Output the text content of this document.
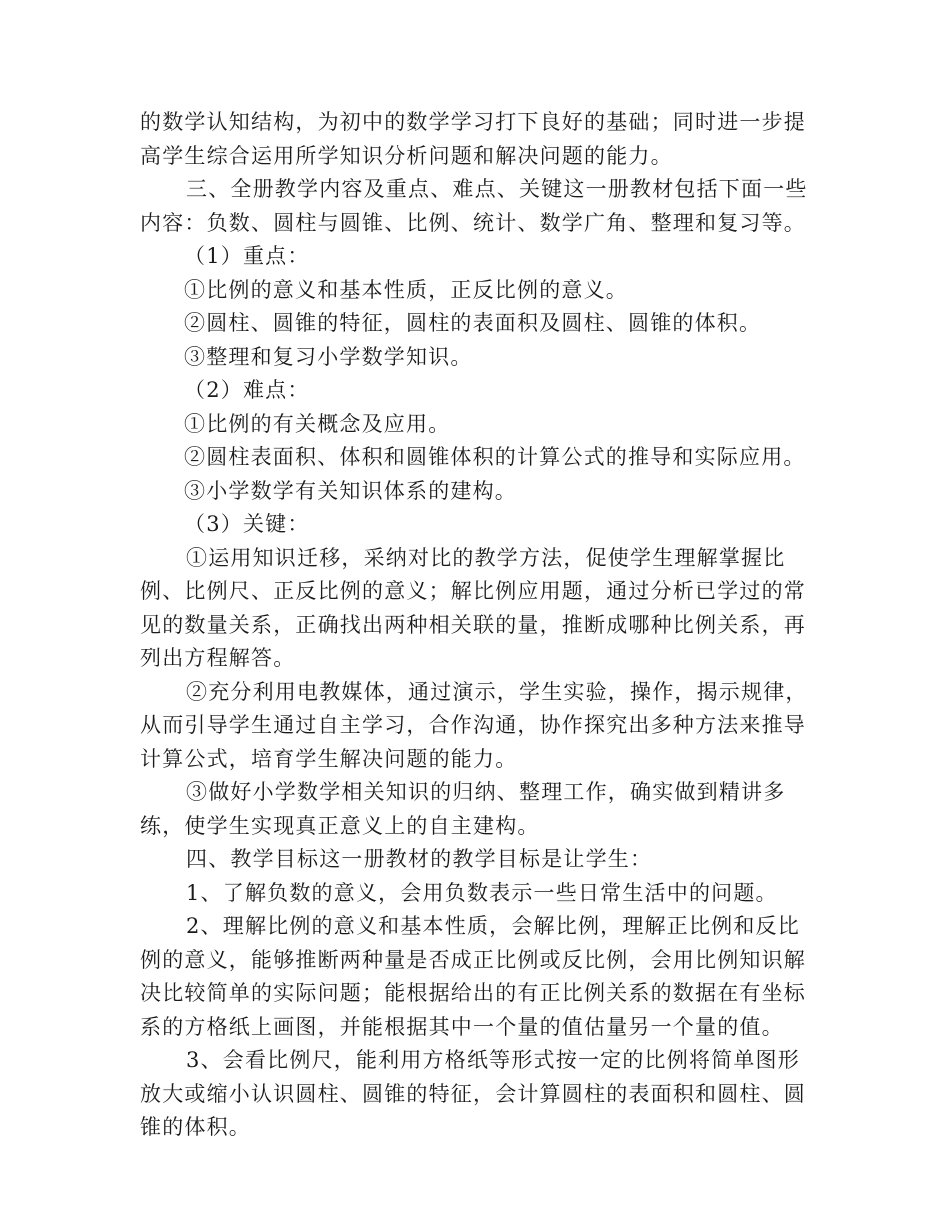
的数学认知结构，为初中的数学学习打下良好的基础；同时进一步提高学生综合运用所学知识分析问题和解决问题的能力。

三、全册教学内容及重点、难点、关键这一册教材包括下面一些内容：负数、圆柱与圆锥、比例、统计、数学广角、整理和复习等。

（1）重点：

①比例的意义和基本性质，正反比例的意义。

②圆柱、圆锥的特征，圆柱的表面积及圆柱、圆锥的体积。

③整理和复习小学数学知识。

（2）难点：

①比例的有关概念及应用。

②圆柱表面积、体积和圆锥体积的计算公式的推导和实际应用。

③小学数学有关知识体系的建构。

（3）关键：

①运用知识迁移，采纳对比的教学方法，促使学生理解掌握比例、比例尺、正反比例的意义；解比例应用题，通过分析已学过的常见的数量关系，正确找出两种相关联的量，推断成哪种比例关系，再列出方程解答。

②充分利用电教媒体，通过演示，学生实验，操作，揭示规律，从而引导学生通过自主学习，合作沟通，协作探究出多种方法来推导计算公式，培育学生解决问题的能力。

③做好小学数学相关知识的归纳、整理工作，确实做到精讲多练，使学生实现真正意义上的自主建构。

四、教学目标这一册教材的教学目标是让学生：

1、了解负数的意义，会用负数表示一些日常生活中的问题。

2、理解比例的意义和基本性质，会解比例，理解正比例和反比例的意义，能够推断两种量是否成正比例或反比例，会用比例知识解决比较简单的实际问题；能根据给出的有正比例关系的数据在有坐标系的方格纸上画图，并能根据其中一个量的值估量另一个量的值。

3、会看比例尺，能利用方格纸等形式按一定的比例将简单图形放大或缩小认识圆柱、圆锥的特征，会计算圆柱的表面积和圆柱、圆锥的体积。
